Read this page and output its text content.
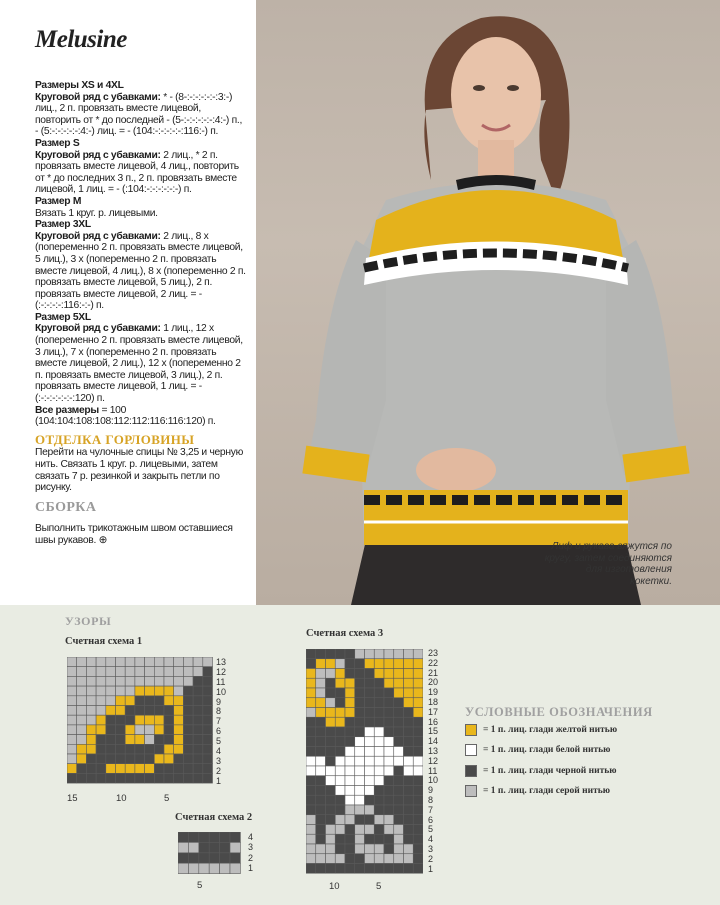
Melusine

Размеры XS и 4XL

Круговой ряд с убавками: * - (8-:-:-:-:-:-:3:-) лиц., 2 п. провязать вместе лицевой, повторить от * до последней - (5-:-:-:-:-:-:4:-) п., - (5:-:-:-:-:-:4:-) лиц. = - (104:-:-:-:-:-:116:-) п.

Размер S

Круговой ряд с убавками: 2 лиц., * 2 п. провязать вместе лицевой, 4 лиц., повторить от * до последних 3 п., 2 п. провязать вместе лицевой, 1 лиц. = - (:104:-:-:-:-:-:-) п.

Размер M

Вязать 1 круг. р. лицевыми.

Размер 3XL

Круговой ряд с убавками: 2 лиц., 8 х (попеременно 2 п. провязать вместе лицевой, 5 лиц.), 3 х (попеременно 2 п. провязать вместе лицевой, 4 лиц.), 8 х (попеременно 2 п. провязать вместе лицевой, 5 лиц.), 2 п. провязать вместе лицевой, 2 лиц. = - (:-:-:-:-:116:-:-) п.

Размер 5XL

Круговой ряд с убавками: 1 лиц., 12 х (попеременно 2 п. провязать вместе лицевой, 3 лиц.), 7 х (попеременно 2 п. провязать вместе лицевой, 2 лиц.), 12 х (попеременно 2 п. провязать вместе лицевой, 3 лиц.), 2 п. провязать вместе лицевой, 1 лиц. = - (:-:-:-:-:-:-:120) п.

Все размеры = 100 (104:104:108:108:112:112:116:116:120) п.

ОТДЕЛКА ГОРЛОВИНЫ

Перейти на чулочные спицы № 3,25 и черную нить. Связать 1 круг. р. лицевыми, затем связать 7 р. резинкой и закрыть петли по рисунку.

СБОРКА

Выполнить трикотажным швом оставшиеся швы рукавов. ⊕

Лиф и рукава вяжутся по кругу, затем соединяются для изготовления кокетки.
УЗОРЫ
Счетная схема 1
13
12
11
10
9
8
7
6
5
4
3
2
1
15	10	5
Счетная схема 2
4
3
2
1
5
Счетная схема 3
23
22
21
20
19
18
17
16
15
14
13
12
11
10
9
8
7
6
5
4
3
2
1
10	5
УСЛОВНЫЕ ОБОЗНАЧЕНИЯ
= 1 п. лиц. глади желтой нитью
= 1 п. лиц. глади белой нитью
= 1 п. лиц. глади черной нитью
= 1 п. лиц. глади серой нитью
